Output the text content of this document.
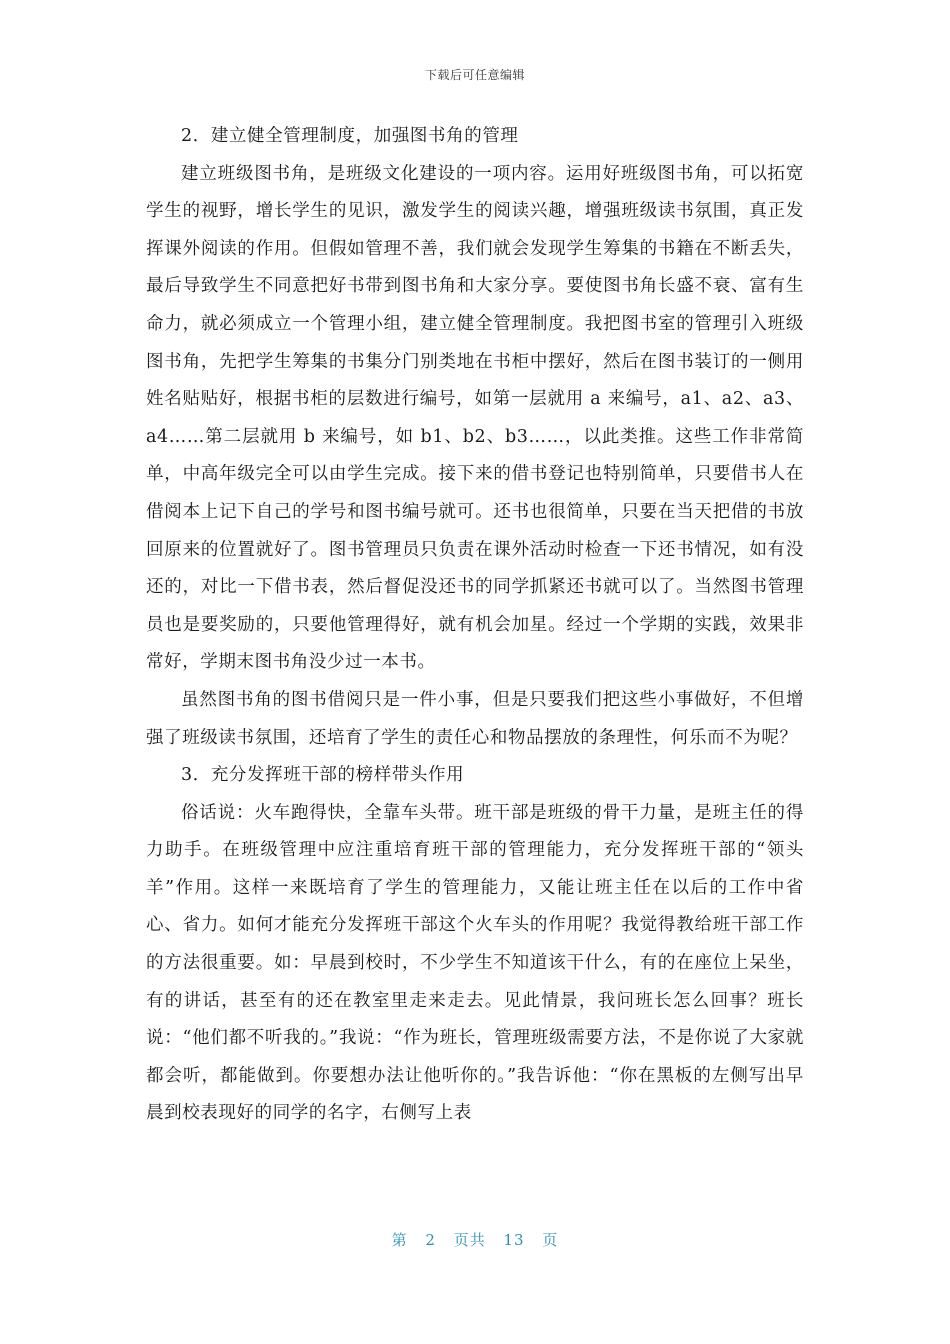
下载后可任意编辑

2．建立健全管理制度，加强图书角的管理

建立班级图书角，是班级文化建设的一项内容。运用好班级图书角，可以拓宽学生的视野，增长学生的见识，激发学生的阅读兴趣，增强班级读书氛围，真正发挥课外阅读的作用。但假如管理不善，我们就会发现学生筹集的书籍在不断丢失，最后导致学生不同意把好书带到图书角和大家分享。要使图书角长盛不衰、富有生命力，就必须成立一个管理小组，建立健全管理制度。我把图书室的管理引入班级图书角，先把学生筹集的书集分门别类地在书柜中摆好，然后在图书装订的一侧用姓名贴贴好，根据书柜的层数进行编号，如第一层就用 a 来编号，a1、a2、a3、a4……第二层就用 b 来编号，如 b1、b2、b3……，以此类推。这些工作非常简单，中高年级完全可以由学生完成。接下来的借书登记也特别简单，只要借书人在借阅本上记下自己的学号和图书编号就可。还书也很简单，只要在当天把借的书放回原来的位置就好了。图书管理员只负责在课外活动时检查一下还书情况，如有没还的，对比一下借书表，然后督促没还书的同学抓紧还书就可以了。当然图书管理员也是要奖励的，只要他管理得好，就有机会加星。经过一个学期的实践，效果非常好，学期末图书角没少过一本书。

虽然图书角的图书借阅只是一件小事，但是只要我们把这些小事做好，不但增强了班级读书氛围，还培育了学生的责任心和物品摆放的条理性，何乐而不为呢？

3．充分发挥班干部的榜样带头作用

俗话说：火车跑得快，全靠车头带。班干部是班级的骨干力量，是班主任的得力助手。在班级管理中应注重培育班干部的管理能力，充分发挥班干部的“领头羊”作用。这样一来既培育了学生的管理能力，又能让班主任在以后的工作中省心、省力。如何才能充分发挥班干部这个火车头的作用呢？我觉得教给班干部工作的方法很重要。如：早晨到校时，不少学生不知道该干什么，有的在座位上呆坐，有的讲话，甚至有的还在教室里走来走去。见此情景，我问班长怎么回事？班长说：“他们都不听我的。”我说：“作为班长，管理班级需要方法，不是你说了大家就都会听，都能做到。你要想办法让他听你的。”我告诉他：“你在黑板的左侧写出早晨到校表现好的同学的名字，右侧写上表

第 2 页共 13 页
